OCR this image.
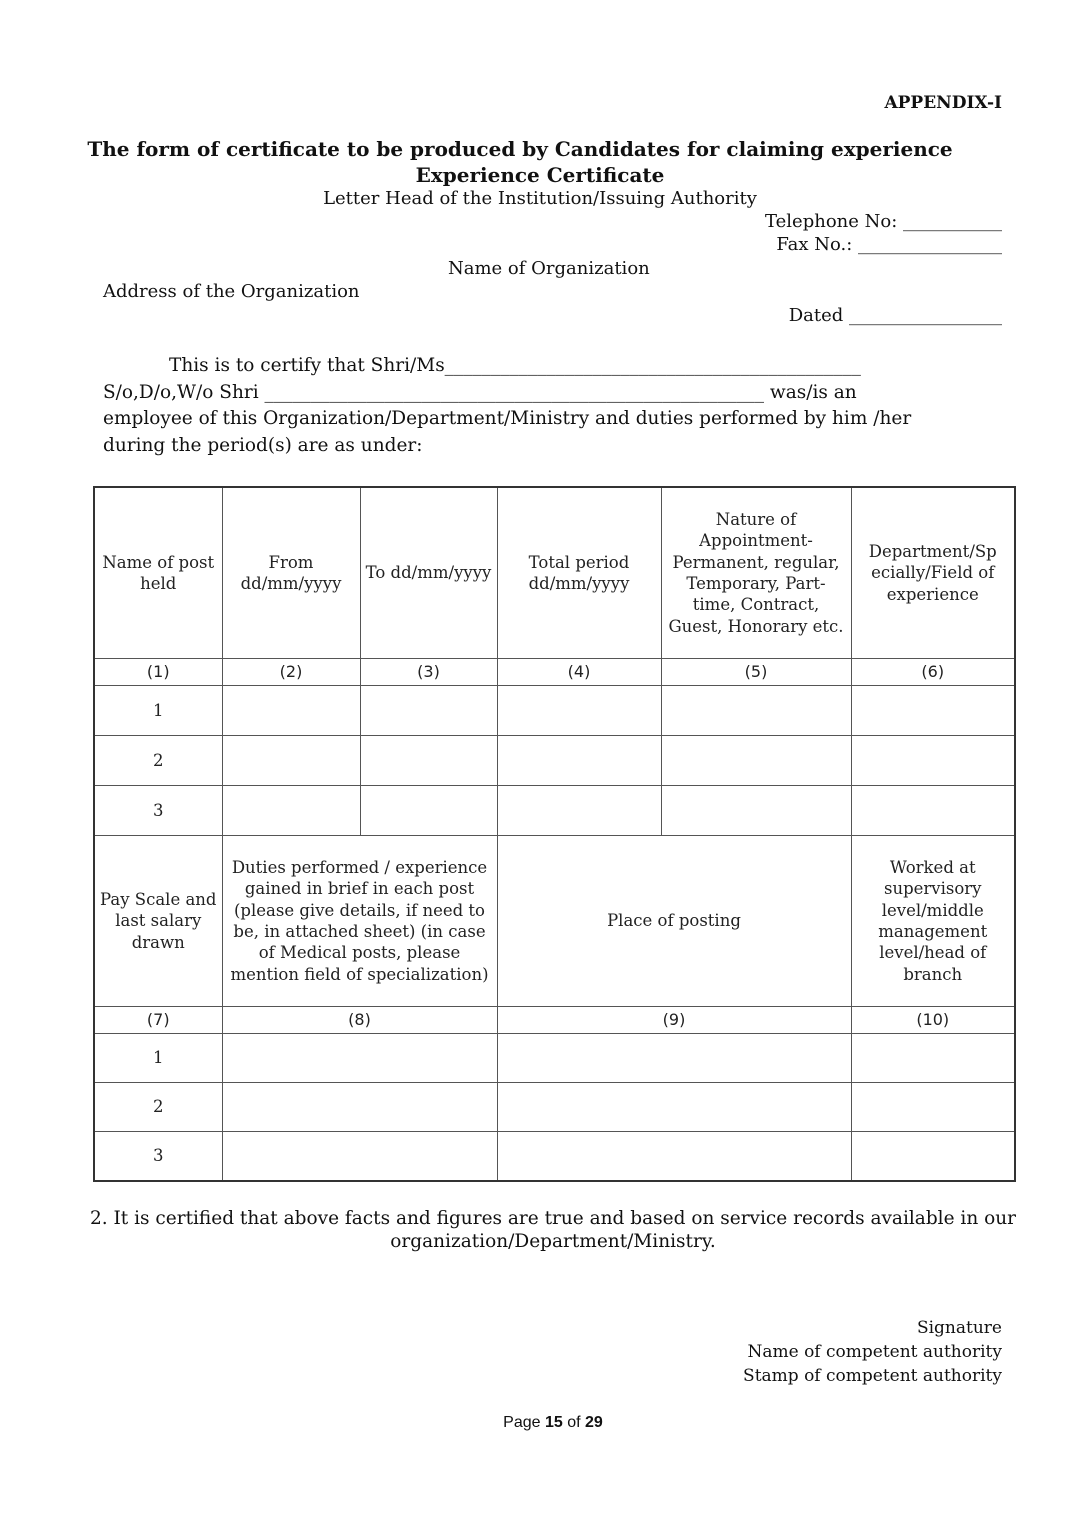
APPENDIX-I
The form of certificate to be produced by Candidates for claiming experience
Experience Certificate
Letter Head of the Institution/Issuing Authority
Telephone No: ___________
Fax No.: ________________
Name of Organization
Address of the Organization
Dated _________________
This is to certify that Shri/Ms_____________________________________________
S/o,D/o,W/o Shri ______________________________________________________ was/is an
employee of this Organization/Department/Ministry and duties performed by him /her
during the period(s) are as under:
Name of post held	From dd/mm/yyyy	To dd/mm/yyyy	Total period dd/mm/yyyy	Nature of Appointment-Permanent, regular, Temporary, Part-time, Contract, Guest, Honorary etc.	Department/Sp ecially/Field of experience
(1)	(2)	(3)	(4)	(5)	(6)
1					
2					
3					
Pay Scale and last salary drawn	Duties performed / experience gained in brief in each post (please give details, if need to be, in attached sheet) (in case of Medical posts, please mention field of specialization)		Place of posting		Worked at supervisory level/middle management level/head of branch
(7)	(8)		(9)		(10)
1					
2					
3					
2. It is certified that above facts and figures are true and based on service records available in our organization/Department/Ministry.
Signature
Name of competent authority
Stamp of competent authority
Page 15 of 29
